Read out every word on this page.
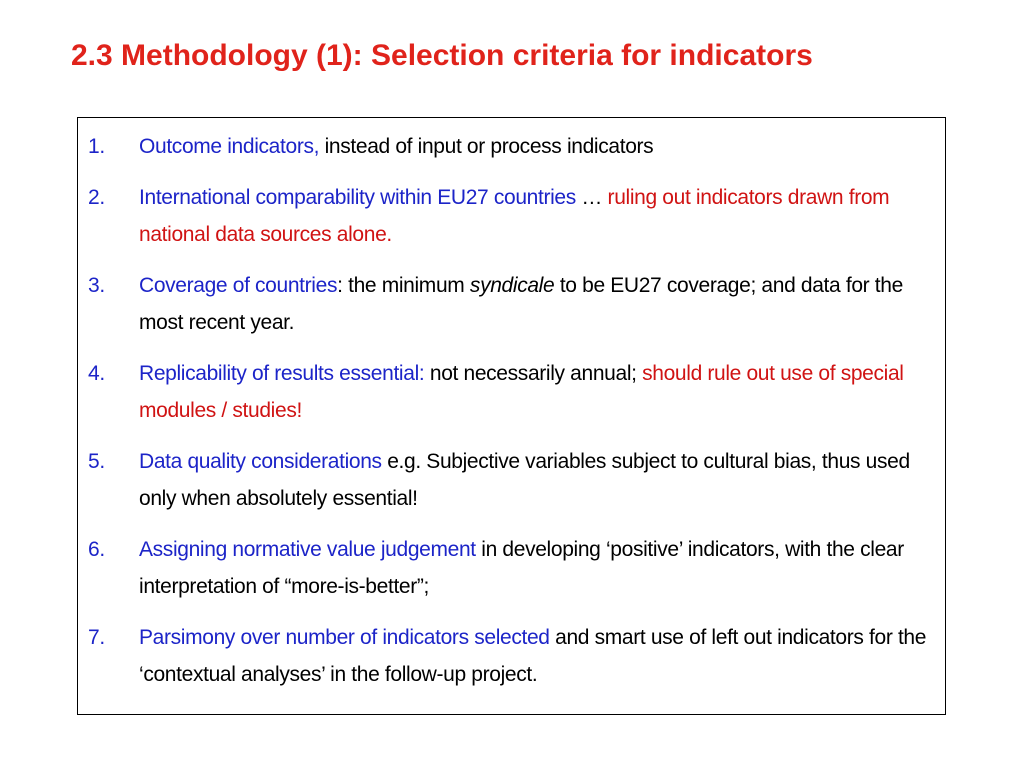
2.3 Methodology (1): Selection criteria for indicators
1. Outcome indicators, instead of input or process indicators
2. International comparability within EU27 countries … ruling out indicators drawn from national data sources alone.
3. Coverage of countries: the minimum syndicale to be EU27 coverage; and data for the most recent year.
4. Replicability of results essential: not necessarily annual; should rule out use of special modules / studies!
5. Data quality considerations e.g. Subjective variables subject to cultural bias, thus used only when absolutely essential!
6. Assigning normative value judgement in developing ‘positive’ indicators, with the clear interpretation of “more-is-better”;
7. Parsimony over number of indicators selected and smart use of left out indicators for the ‘contextual analyses’ in the follow-up project.
